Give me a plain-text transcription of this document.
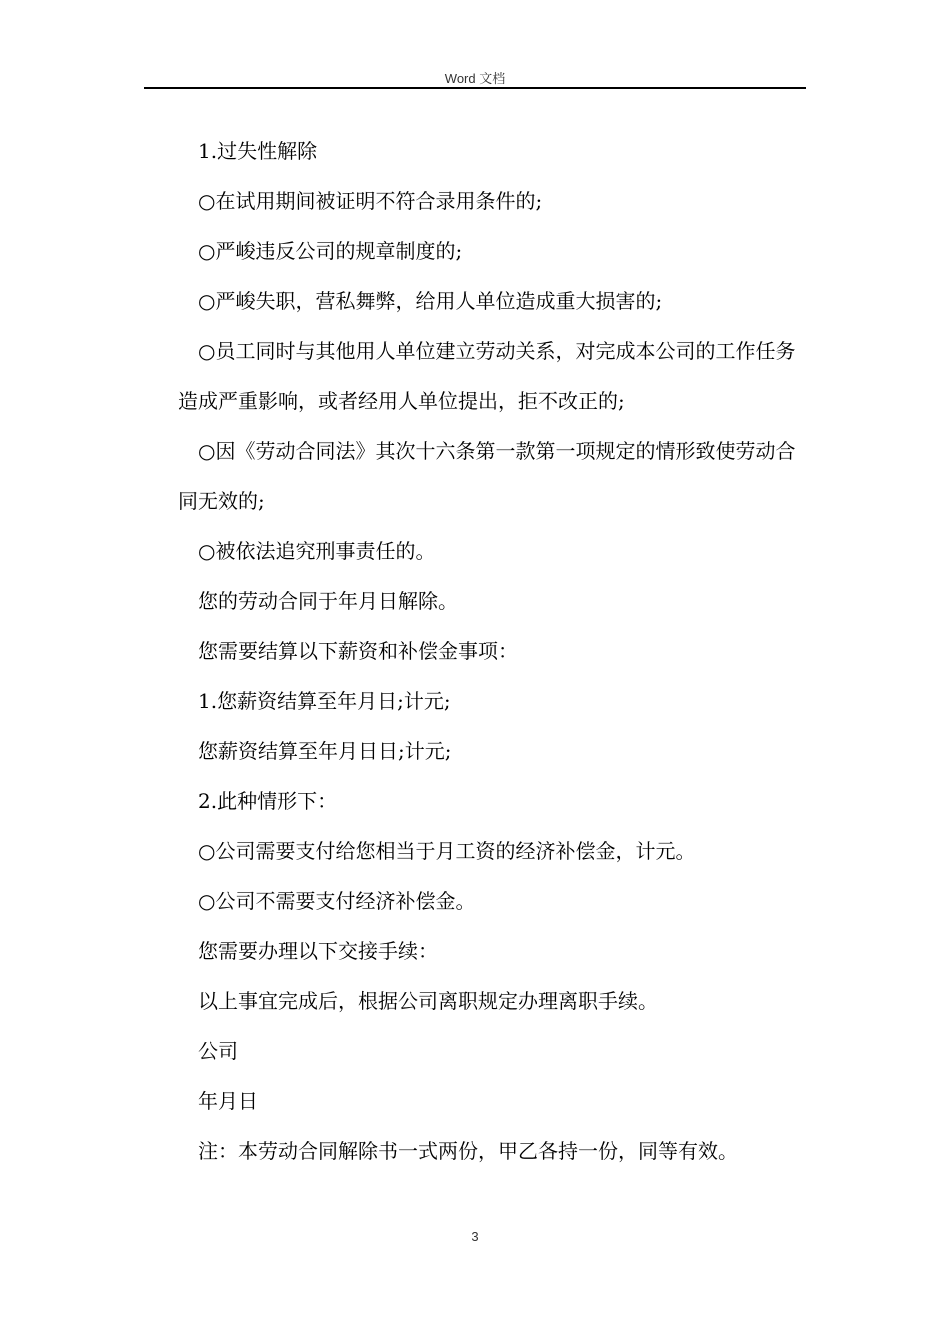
Word 文档

1.过失性解除

○在试用期间被证明不符合录用条件的;

○严峻违反公司的规章制度的;

○严峻失职，营私舞弊，给用人单位造成重大损害的;

○员工同时与其他用人单位建立劳动关系，对完成本公司的工作任务造成严重影响，或者经用人单位提出，拒不改正的;

○因《劳动合同法》其次十六条第一款第一项规定的情形致使劳动合同无效的;

○被依法追究刑事责任的。

您的劳动合同于年月日解除。

您需要结算以下薪资和补偿金事项：

1.您薪资结算至年月日;计元;

您薪资结算至年月日日;计元;

2.此种情形下：

○公司需要支付给您相当于月工资的经济补偿金，计元。

○公司不需要支付经济补偿金。

您需要办理以下交接手续：

以上事宜完成后，根据公司离职规定办理离职手续。

公司

年月日

注：本劳动合同解除书一式两份，甲乙各持一份，同等有效。

3
